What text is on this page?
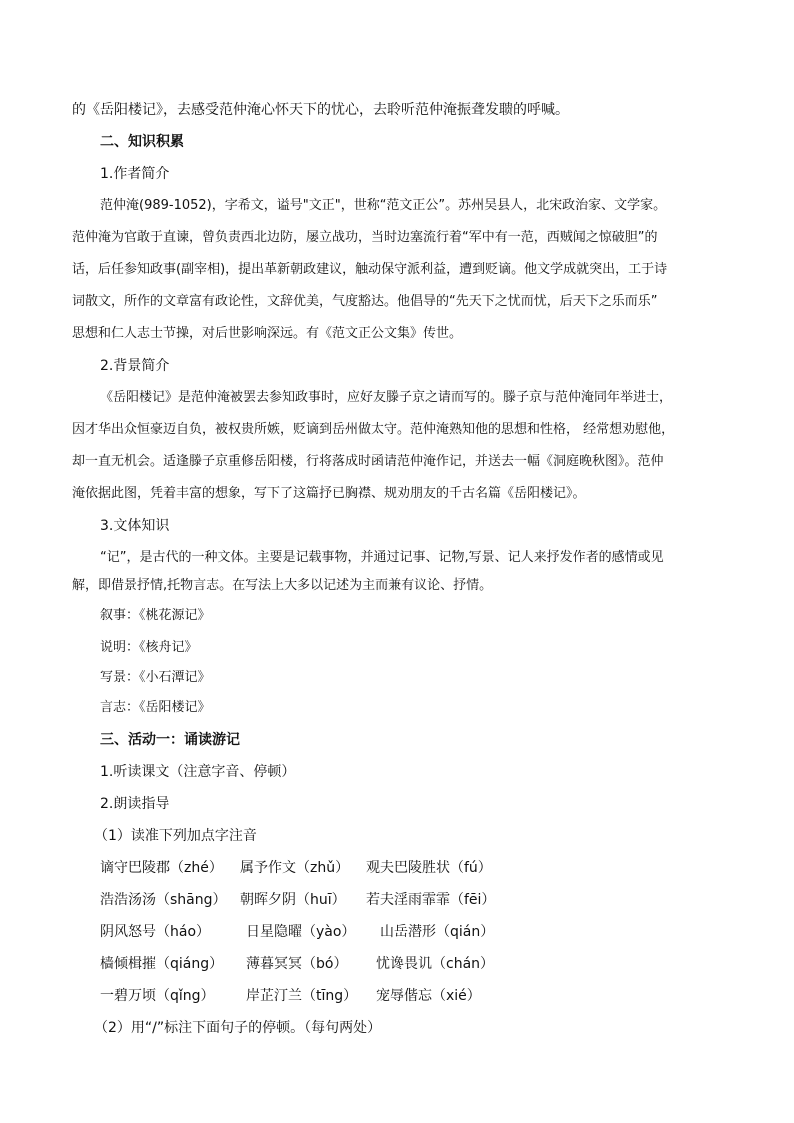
的《岳阳楼记》，去感受范仲淹心怀天下的忧心，去聆听范仲淹振聋发聩的呼喊。
二、知识积累
1.作者简介
范仲淹(989-1052)，字希文，谥号"文正"，世称“范文正公”。苏州吴县人，北宋政治家、文学家。
范仲淹为官敢于直谏，曾负责西北边防，屡立战功，当时边塞流行着“军中有一范，西贼闻之惊破胆”的
话，后任参知政事(副宰相)，提出革新朝政建议，触动保守派利益，遭到贬谪。他文学成就突出，工于诗
词散文，所作的文章富有政论性，文辞优美，气度豁达。他倡导的“先天下之忧而忧，后天下之乐而乐”
思想和仁人志士节操，对后世影响深远。有《范文正公文集》传世。
2.背景简介
《岳阳楼记》是范仲淹被罢去参知政事时，应好友滕子京之请而写的。滕子京与范仲淹同年举进士，
因才华出众恒豪迈自负，被权贵所嫉，贬谪到岳州做太守。范仲淹熟知他的思想和性格， 经常想劝慰他，
却一直无机会。适逢滕子京重修岳阳楼，行将落成时函请范仲淹作记，并送去一幅《洞庭晚秋图》。范仲
淹依据此图，凭着丰富的想象，写下了这篇抒已胸襟、规劝朋友的千古名篇《岳阳楼记》。
3.文体知识
“记”，是古代的一种文体。主要是记载事物，并通过记事、记物,写景、记人来抒发作者的感情或见
解，即借景抒情,托物言志。在写法上大多以记述为主而兼有议论、抒情。
叙事：《桃花源记》
说明：《核舟记》
写景：《小石潭记》
言志：《岳阳楼记》
三、活动一：诵读游记
1.听读课文（注意字音、停顿）
2.朗读指导
（1）读准下列加点字注音
谪守巴陵郡（zhé） 属予作文（zhǔ） 观夫巴陵胜状（fú）
浩浩汤汤（shāng） 朝晖夕阴（huī） 若夫淫雨霏霏（fēi）
阴风怒号（háo）	日星隐曜（yào） 山岳潜形（qián）
樯倾楫摧（qiáng） 薄暮冥冥（bó） 忧谗畏讥（chán）
一碧万顷（qǐng） 岸芷汀兰（tīng） 宠辱偕忘（xié）
（2）用“/”标注下面句子的停顿。（每句两处）
